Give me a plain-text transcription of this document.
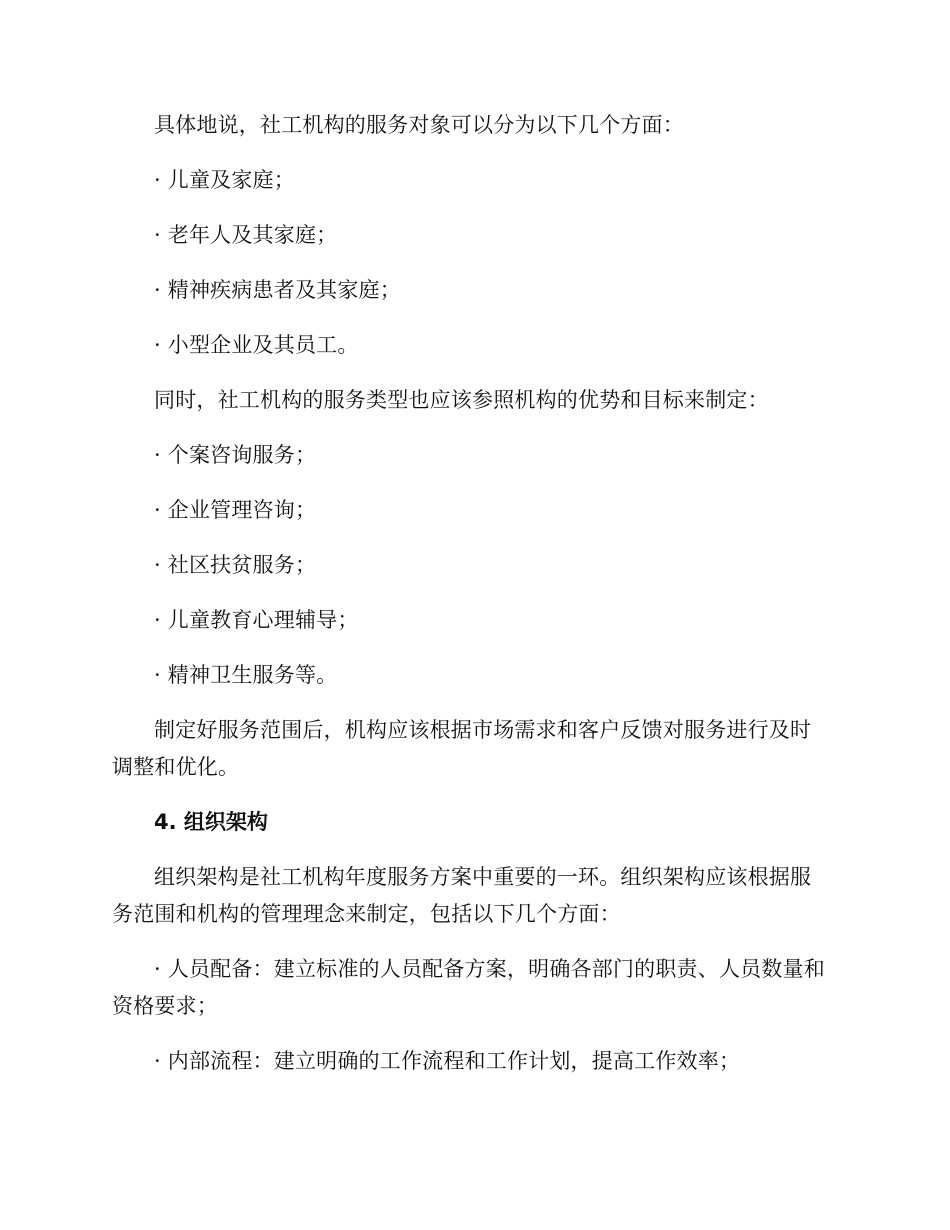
具体地说，社工机构的服务对象可以分为以下几个方面：

· 儿童及家庭；

· 老年人及其家庭；

· 精神疾病患者及其家庭；

· 小型企业及其员工。

同时，社工机构的服务类型也应该参照机构的优势和目标来制定：

· 个案咨询服务；

· 企业管理咨询；

· 社区扶贫服务；

· 儿童教育心理辅导；

· 精神卫生服务等。

制定好服务范围后，机构应该根据市场需求和客户反馈对服务进行及时调整和优化。

4. 组织架构

组织架构是社工机构年度服务方案中重要的一环。组织架构应该根据服务范围和机构的管理理念来制定，包括以下几个方面：

· 人员配备：建立标准的人员配备方案，明确各部门的职责、人员数量和资格要求；

· 内部流程：建立明确的工作流程和工作计划，提高工作效率；
